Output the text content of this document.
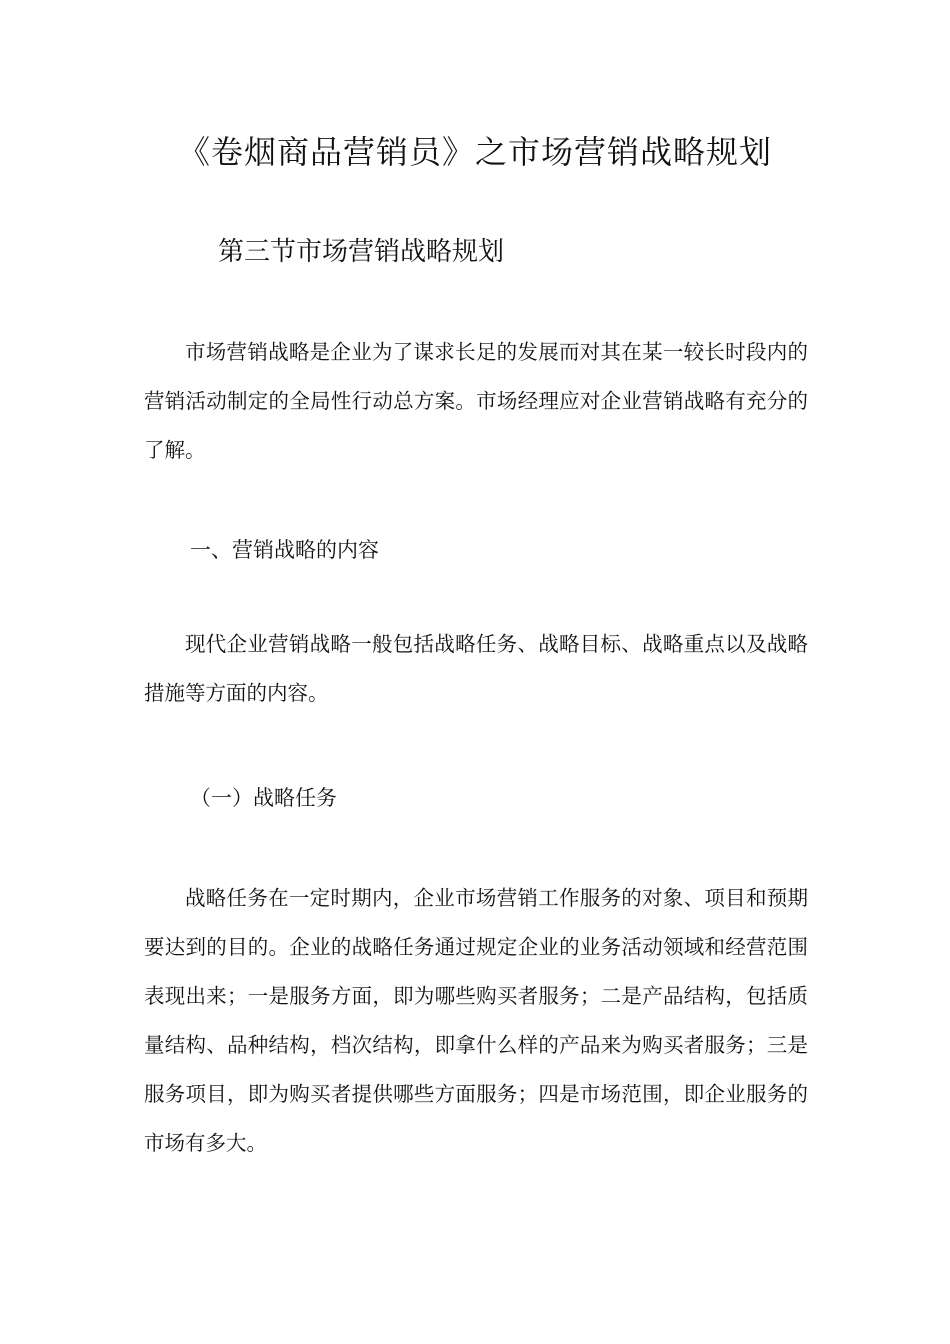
《卷烟商品营销员》之市场营销战略规划
第三节市场营销战略规划
市场营销战略是企业为了谋求长足的发展而对其在某一较长时段内的营销活动制定的全局性行动总方案。市场经理应对企业营销战略有充分的了解。
一、营销战略的内容
现代企业营销战略一般包括战略任务、战略目标、战略重点以及战略措施等方面的内容。
（一）战略任务
战略任务在一定时期内，企业市场营销工作服务的对象、项目和预期要达到的目的。企业的战略任务通过规定企业的业务活动领域和经营范围表现出来；一是服务方面，即为哪些购买者服务；二是产品结构，包括质量结构、品种结构，档次结构，即拿什么样的产品来为购买者服务；三是服务项目，即为购买者提供哪些方面服务；四是市场范围，即企业服务的市场有多大。
